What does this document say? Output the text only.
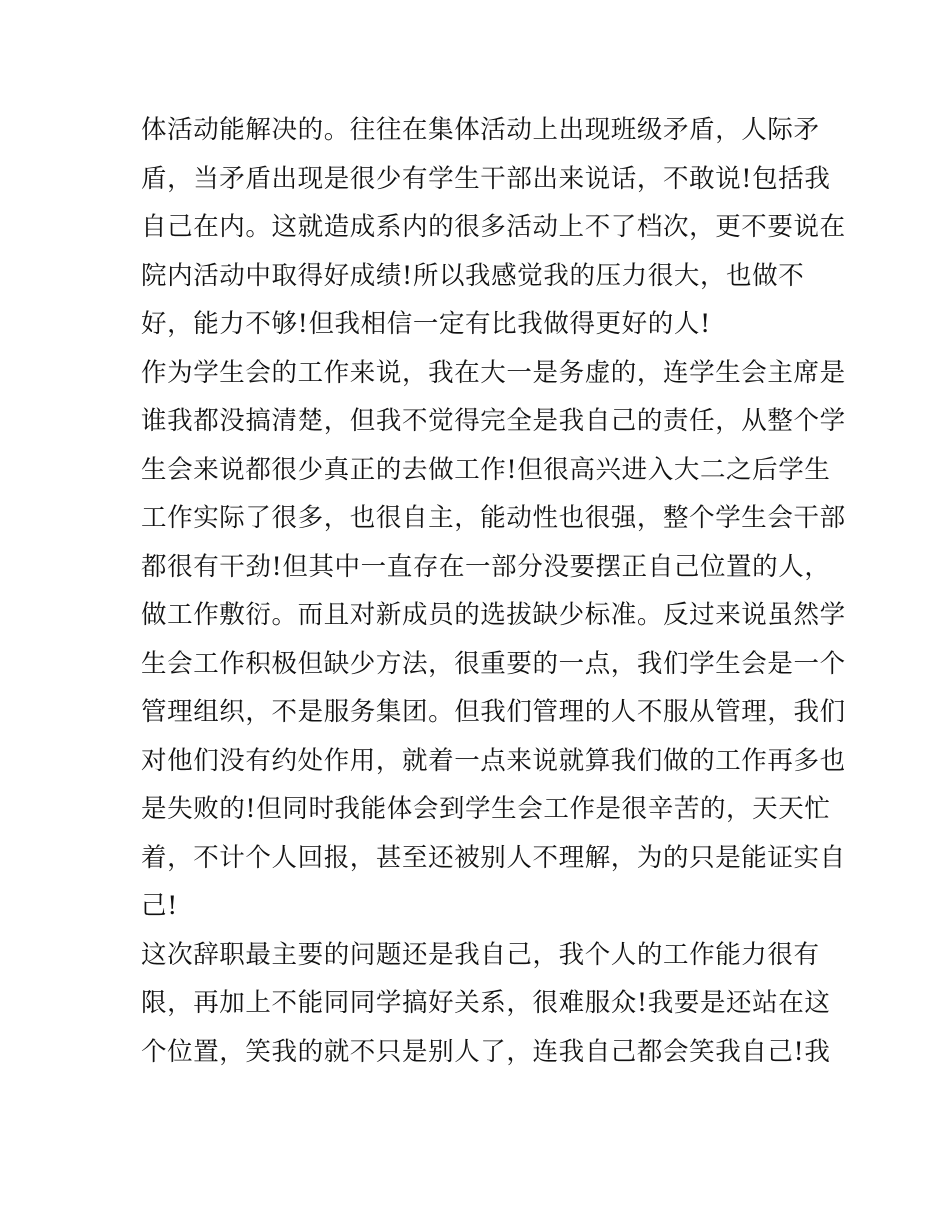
体活动能解决的。往往在集体活动上出现班级矛盾，人际矛
盾，当矛盾出现是很少有学生干部出来说话，不敢说!包括我
自己在内。这就造成系内的很多活动上不了档次，更不要说在
院内活动中取得好成绩!所以我感觉我的压力很大，也做不
好，能力不够!但我相信一定有比我做得更好的人!
作为学生会的工作来说，我在大一是务虚的，连学生会主席是
谁我都没搞清楚，但我不觉得完全是我自己的责任，从整个学
生会来说都很少真正的去做工作!但很高兴进入大二之后学生
工作实际了很多，也很自主，能动性也很强，整个学生会干部
都很有干劲!但其中一直存在一部分没要摆正自己位置的人，
做工作敷衍。而且对新成员的选拔缺少标准。反过来说虽然学
生会工作积极但缺少方法，很重要的一点，我们学生会是一个
管理组织，不是服务集团。但我们管理的人不服从管理，我们
对他们没有约处作用，就着一点来说就算我们做的工作再多也
是失败的!但同时我能体会到学生会工作是很辛苦的，天天忙
着，不计个人回报，甚至还被别人不理解，为的只是能证实自
己!
这次辞职最主要的问题还是我自己，我个人的工作能力很有
限，再加上不能同同学搞好关系，很难服众!我要是还站在这
个位置，笑我的就不只是别人了，连我自己都会笑我自己!我
